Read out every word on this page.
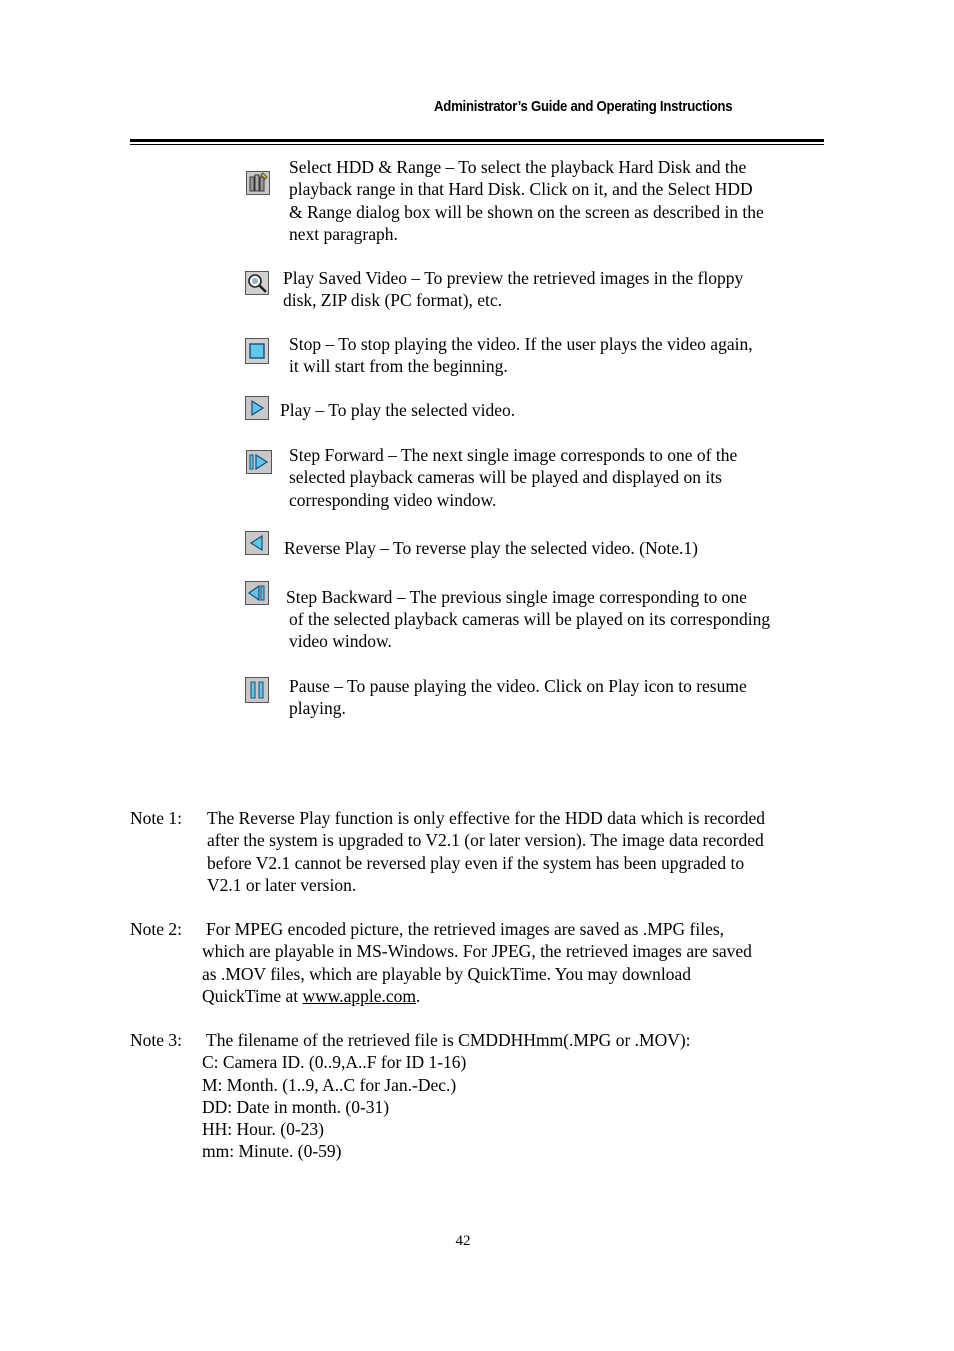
Administrator’s Guide and Operating Instructions
Select HDD & Range – To select the playback Hard Disk and the
playback range in that Hard Disk. Click on it, and the Select HDD
& Range dialog box will be shown on the screen as described in the
next paragraph.
Play Saved Video – To preview the retrieved images in the floppy
disk, ZIP disk (PC format), etc.
Stop – To stop playing the video. If the user plays the video again,
it will start from the beginning.
Play – To play the selected video.
Step Forward – The next single image corresponds to one of the
selected playback cameras will be played and displayed on its
corresponding video window.
Reverse Play – To reverse play the selected video. (Note.1)
Step Backward – The previous single image corresponding to one
of the selected playback cameras will be played on its corresponding
video window.
Pause – To pause playing the video. Click on Play icon to resume
playing.
Note 1: The Reverse Play function is only effective for the HDD data which is recorded
after the system is upgraded to V2.1 (or later version). The image data recorded
before V2.1 cannot be reversed play even if the system has been upgraded to
V2.1 or later version.
Note 2: For MPEG encoded picture, the retrieved images are saved as .MPG files,
which are playable in MS-Windows. For JPEG, the retrieved images are saved
as .MOV files, which are playable by QuickTime. You may download
QuickTime at www.apple.com.
Note 3: The filename of the retrieved file is CMDDHHmm(.MPG or .MOV):
C: Camera ID. (0..9,A..F for ID 1-16)
M: Month. (1..9, A..C for Jan.-Dec.)
DD: Date in month. (0-31)
HH: Hour. (0-23)
mm: Minute. (0-59)
42
